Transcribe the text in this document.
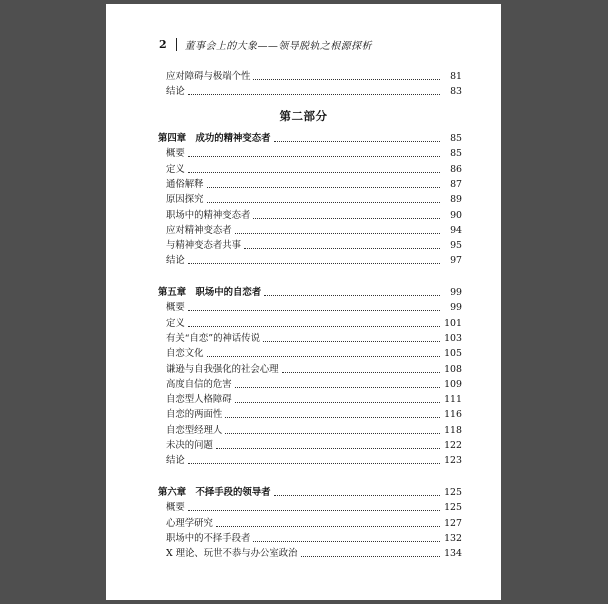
2 董事会上的大象——领导脱轨之根源探析
第二部分
应对障碍与极端个性	81
结论	83
第四章　成功的精神变态者	85
概要	85
定义	86
通俗解释	87
原因探究	89
职场中的精神变态者	90
应对精神变态者	94
与精神变态者共事	95
结论	97
第五章　职场中的自恋者	99
概要	99
定义	101
有关“自恋”的神话传说	103
自恋文化	105
谦逊与自我强化的社会心理	108
高度自信的危害	109
自恋型人格障碍	111
自恋的两面性	116
自恋型经理人	118
未决的问题	122
结论	123
第六章　不择手段的领导者	125
概要	125
心理学研究	127
职场中的不择手段者	132
X 理论、玩世不恭与办公室政治	134
